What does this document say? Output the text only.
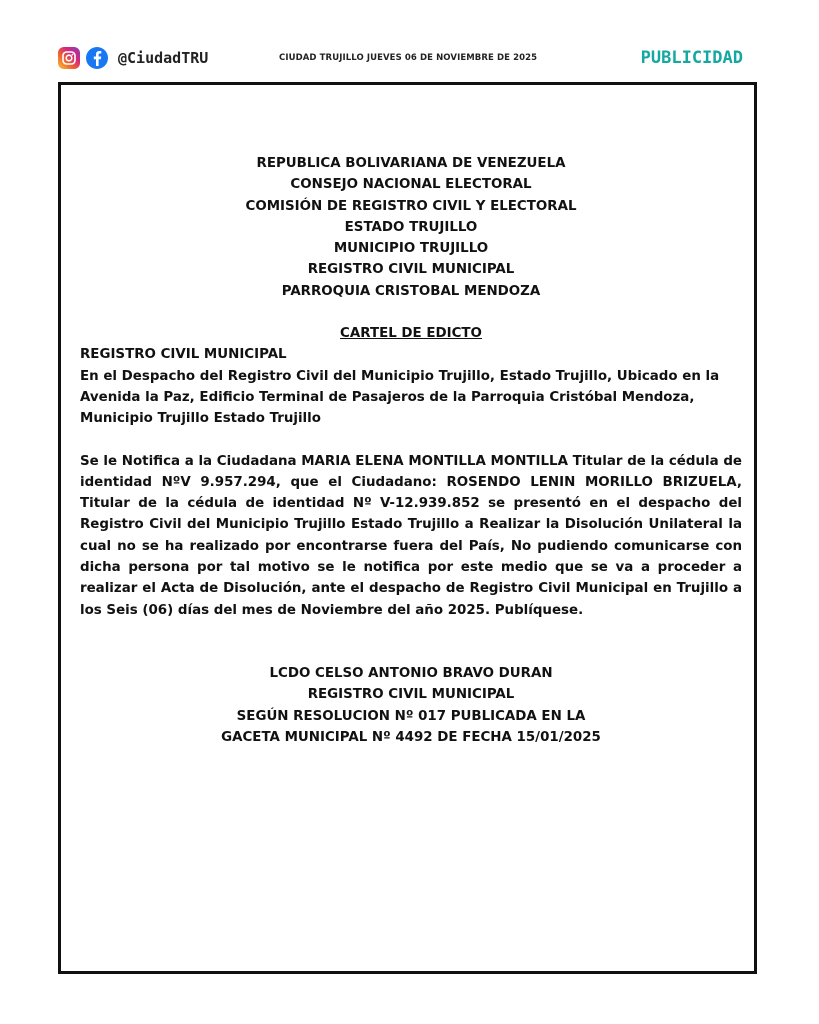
@CiudadTRU	CIUDAD TRUJILLO JUEVES 06 DE NOVIEMBRE DE 2025	PUBLICIDAD
REPUBLICA BOLIVARIANA DE VENEZUELA
CONSEJO NACIONAL ELECTORAL
COMISIÓN DE REGISTRO CIVIL Y ELECTORAL
ESTADO TRUJILLO
MUNICIPIO TRUJILLO
REGISTRO CIVIL MUNICIPAL
PARROQUIA CRISTOBAL MENDOZA
CARTEL DE EDICTO
REGISTRO CIVIL MUNICIPAL
En el Despacho del Registro Civil del Municipio Trujillo, Estado Trujillo, Ubicado en la Avenida la Paz, Edificio Terminal de Pasajeros de la Parroquia Cristóbal Mendoza, Municipio Trujillo Estado Trujillo
Se le Notifica a la Ciudadana MARIA ELENA MONTILLA MONTILLA Titular de la cédula de identidad NºV 9.957.294, que el Ciudadano: ROSENDO LENIN MORILLO BRIZUELA, Titular de la cédula de identidad Nº V-12.939.852 se presentó en el despacho del Registro Civil del Municipio Trujillo Estado Trujillo a Realizar la Disolución Unilateral la cual no se ha realizado por encontrarse fuera del País, No pudiendo comunicarse con dicha persona por tal motivo se le notifica por este medio que se va a proceder a realizar el Acta de Disolución, ante el despacho de Registro Civil Municipal en Trujillo a los Seis (06) días del mes de Noviembre del año 2025. Publíquese.
LCDO CELSO ANTONIO BRAVO DURAN
REGISTRO CIVIL MUNICIPAL
SEGÚN RESOLUCION Nº 017 PUBLICADA EN LA
GACETA MUNICIPAL Nº 4492 DE FECHA 15/01/2025
